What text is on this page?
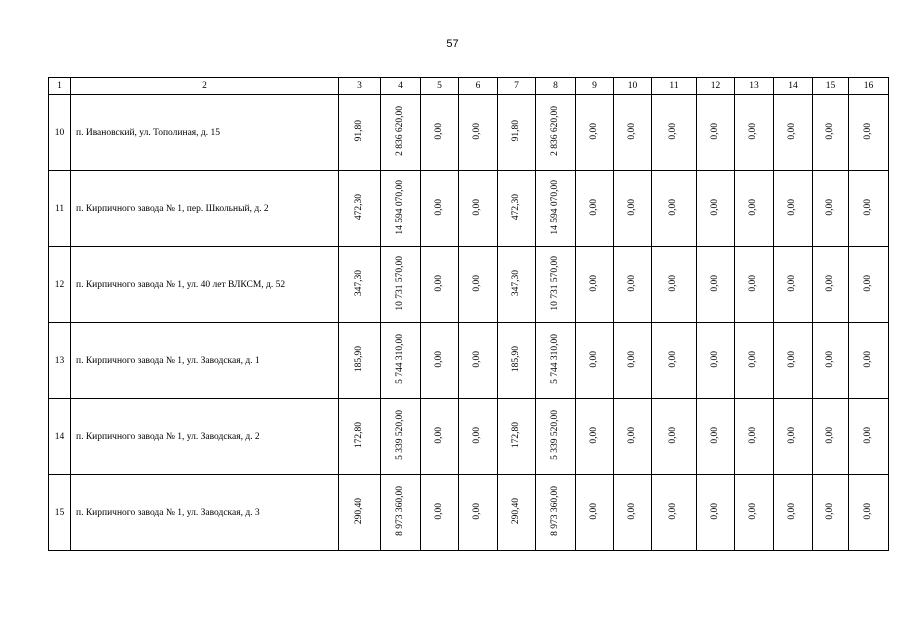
57
1	2	3	4	5	6	7	8	9	10	11	12	13	14	15	16
10	п. Ивановский, ул. Тополиная, д. 15	91,80	2 836 620,00	0,00	0,00	91,80	2 836 620,00	0,00	0,00	0,00	0,00	0,00	0,00	0,00	0,00
11	п. Кирпичного завода № 1, пер. Школьный, д. 2	472,30	14 594 070,00	0,00	0,00	472,30	14 594 070,00	0,00	0,00	0,00	0,00	0,00	0,00	0,00	0,00
12	п. Кирпичного завода № 1, ул. 40 лет ВЛКСМ, д. 52	347,30	10 731 570,00	0,00	0,00	347,30	10 731 570,00	0,00	0,00	0,00	0,00	0,00	0,00	0,00	0,00
13	п. Кирпичного завода № 1, ул. Заводская, д. 1	185,90	5 744 310,00	0,00	0,00	185,90	5 744 310,00	0,00	0,00	0,00	0,00	0,00	0,00	0,00	0,00
14	п. Кирпичного завода № 1, ул. Заводская, д. 2	172,80	5 339 520,00	0,00	0,00	172,80	5 339 520,00	0,00	0,00	0,00	0,00	0,00	0,00	0,00	0,00
15	п. Кирпичного завода № 1, ул. Заводская, д. 3	290,40	8 973 360,00	0,00	0,00	290,40	8 973 360,00	0,00	0,00	0,00	0,00	0,00	0,00	0,00	0,00
